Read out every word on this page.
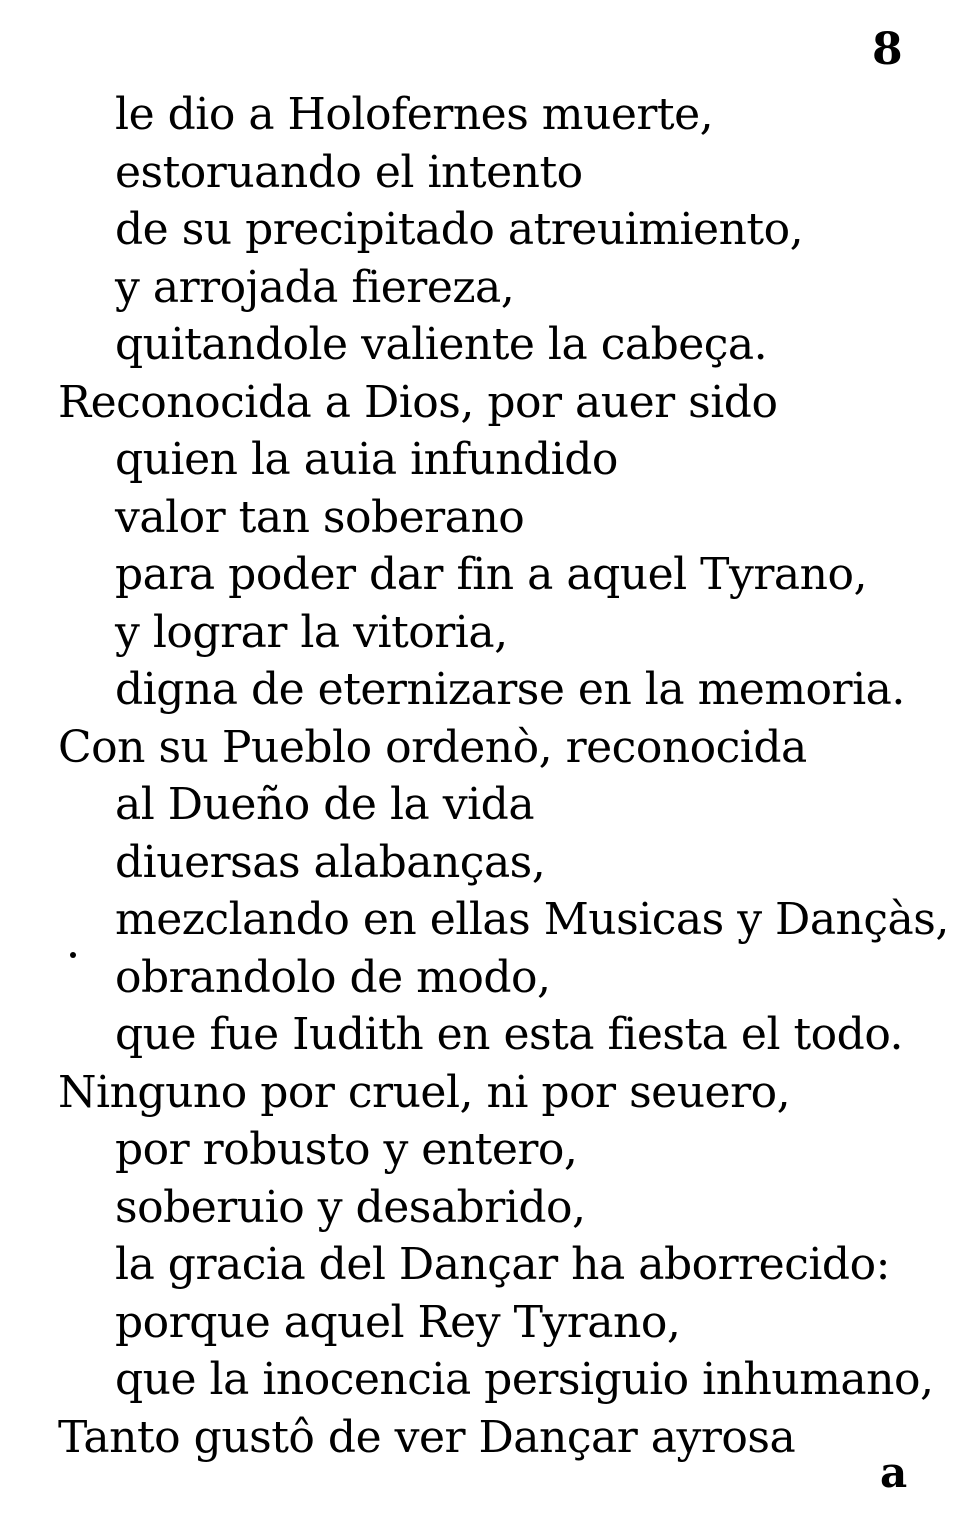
8
le dio a Holofernes muerte,
estoruando el intento
de su precipitado atreuimiento,
y arrojada fiereza,
quitandole valiente la cabeça.
Reconocida a Dios, por auer sido
quien la auia infundido
valor tan soberano
para poder dar fin a aquel Tyrano,
y lograr la vitoria,
digna de eternizarse en la memoria.
Con su Pueblo ordenò, reconocida
al Dueño de la vida
diuersas alabanças,
mezclando en ellas Musicas y Dançàs,
obrandolo de modo,
que fue Iudith en esta fiesta el todo.
Ninguno por cruel, ni por seuero,
por robusto y entero,
soberuio y desabrido,
la gracia del Dançar ha aborrecido:
porque aquel Rey Tyrano,
que la inocencia persiguio inhumano,
Tanto gustô de ver Dançar ayrosa
a
